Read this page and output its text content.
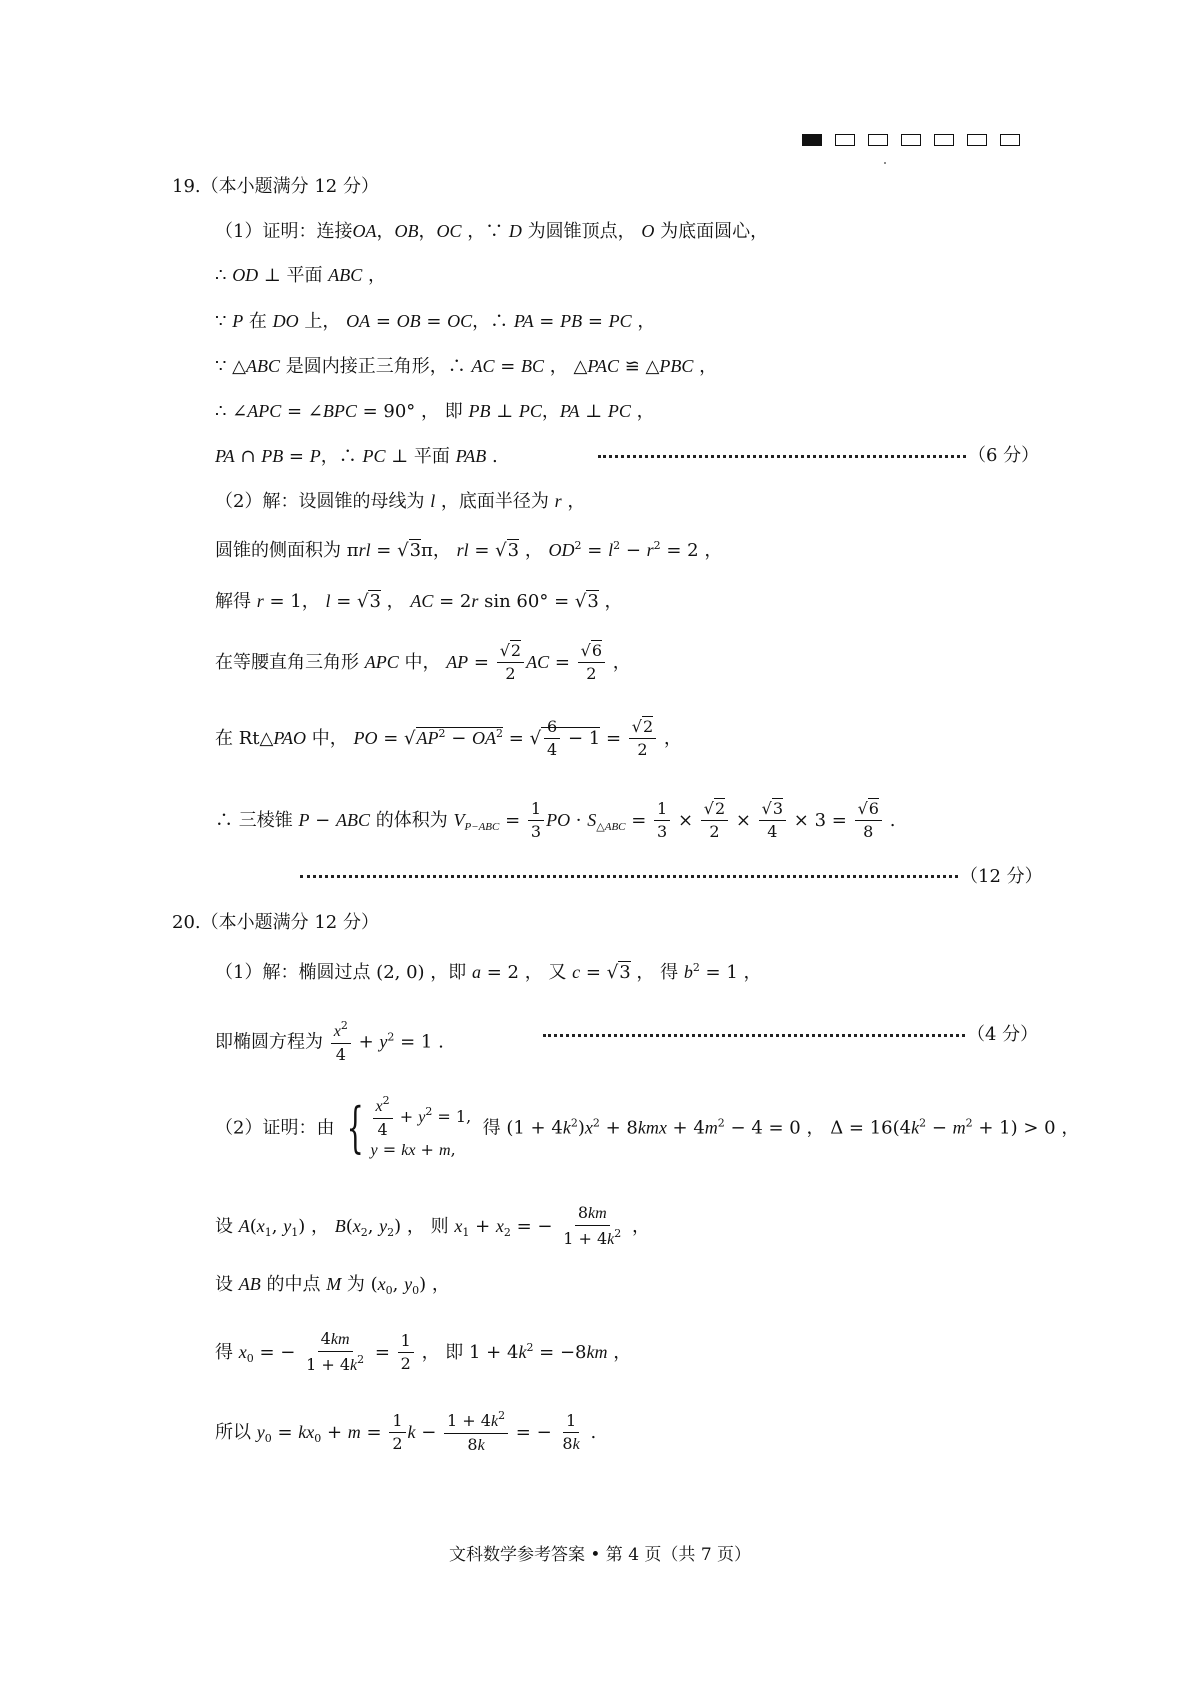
19.（本小题满分 12 分）
（1）证明：连接OA，OB，OC ，∵ D 为圆锥顶点， O 为底面圆心，
∴ OD ⊥ 平面 ABC ，
∵ P 在 DO 上， OA = OB = OC，∴ PA = PB = PC ，
∵ △ABC 是圆内接正三角形，∴ AC = BC ， △PAC ≌ △PBC ，
∴ ∠APC = ∠BPC = 90° ， 即 PB ⊥ PC，PA ⊥ PC ，
PA ∩ PB = P，∴ PC ⊥ 平面 PAB .	（6 分）
（2）解：设圆锥的母线为 l ，底面半径为 r ，
圆锥的侧面积为 πrl = √ 3π， rl = √ 3 ， $OD^2 = l^2 - r^2 = 2$ ，
解得 r = 1， l = √ 3 ， AC = 2r sin 60° = √ 3 ，
在等腰直角三角形 APC 中， AP = √ $\frac{2}{2}$ AC = √ $\frac{6}{2}$ ，
在 Rt△PAO 中， PO = √ $AP^2 - OA^2$ = √ $\frac{6}{4} - 1$ = √ $\frac{2}{2}$ ，
∴ 三棱锥 P − ABC 的体积为 $V_{P-ABC} = \frac{1}{3}$ PO · $S_{\triangle ABC} = \frac{1}{3}$ × √ $\frac{2}{2}$ × √ $\frac{3}{4} \times 3$ = √ $\frac{6}{8}$ .
（12 分）
20.（本小题满分 12 分）
（1）解：椭圆过点 (2, 0) ，即 a = 2 ， 又 c = √ 3 ， 得 $b^2 = 1$ ，
即椭圆方程为 $\frac{x^2}{4} + y^2 = 1$ .	（4 分）
（2）证明：由 { $\frac{x^2}{4} + y^2 = 1$,
y = kx + m,
得 $(1 + 4k^2)x^2 + 8kmx + 4m^2 - 4 = 0$ ， $\Delta = 16(4k^2 - m^2 + 1) > 0$ ，
设 $A(x_1$, $y_1$) ， $B(x_2$, $y_2$) ， 则 $x_1 + x_2$ = − $\frac{8km}{1 + 4k^2}$ ，
设 AB 的中点 M 为 ($x_0$, $y_0$) ，
得 $x_0$ = − $\frac{4km}{1 + 4k^2} = \frac{1}{2}$ ， 即 $1 + 4k^2 = -8km$ ，
所以 $y_0 = kx_0 + m = \frac{1}{2}$ $k - \frac{1 + 4k^2}{8k}$ = − $\frac{1}{8k}$ .
文科数学参考答案 • 第 4 页（共 7 页）
